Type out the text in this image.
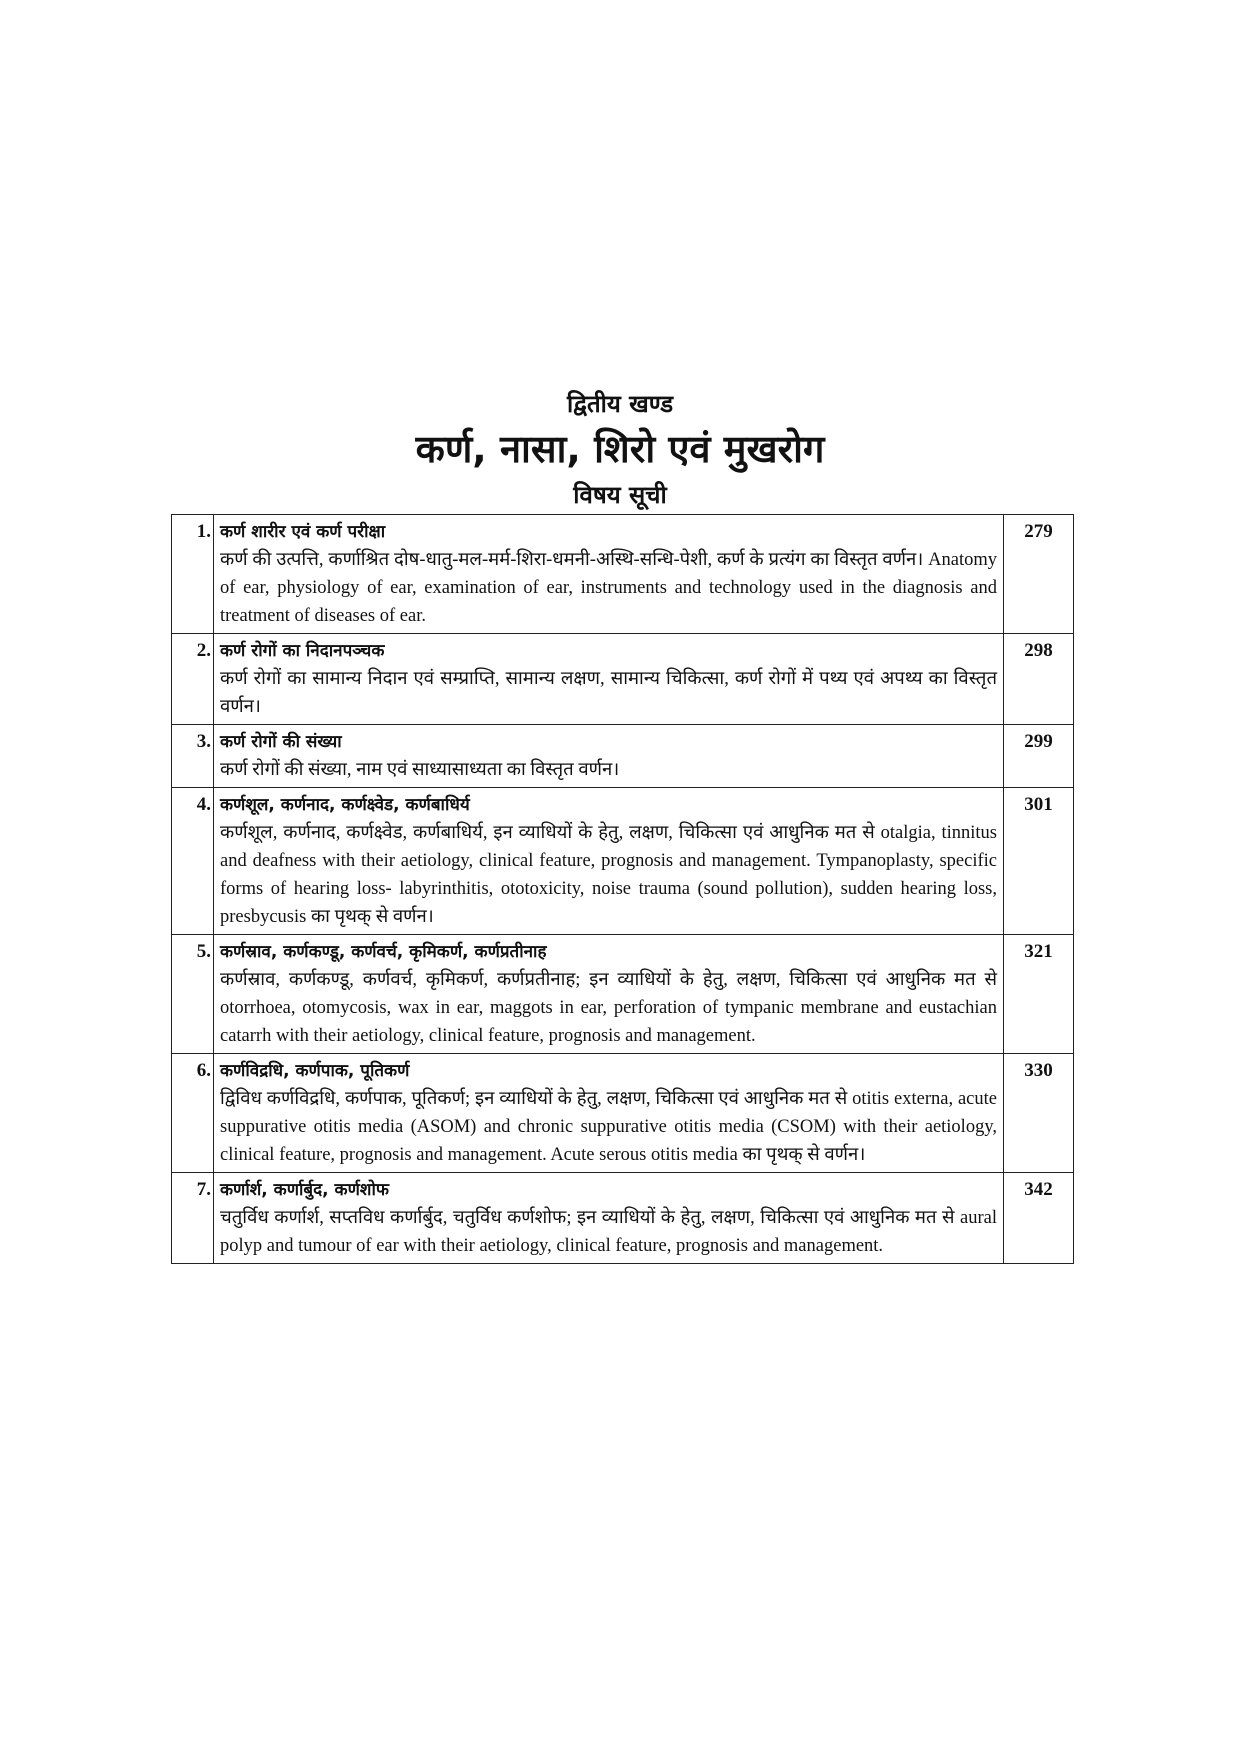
द्वितीय खण्ड

कर्ण, नासा, शिरो एवं मुखरोग
विषय सूची
1.	कर्ण शारीर एवं कर्ण परीक्षा
कर्ण की उत्पत्ति, कर्णाश्रित दोष-धातु-मल-मर्म-शिरा-धमनी-अस्थि-सन्धि-पेशी, कर्ण के प्रत्यंग का विस्तृत वर्णन। Anatomy of ear, physiology of ear, examination of ear, instruments and technology used in the diagnosis and treatment of diseases of ear.	279
2.	कर्ण रोगों का निदानपञ्चक
कर्ण रोगों का सामान्य निदान एवं सम्प्राप्ति, सामान्य लक्षण, सामान्य चिकित्सा, कर्ण रोगों में पथ्य एवं अपथ्य का विस्तृत वर्णन।	298
3.	कर्ण रोगों की संख्या
कर्ण रोगों की संख्या, नाम एवं साध्यासाध्यता का विस्तृत वर्णन।	299
4.	कर्णशूल, कर्णनाद, कर्णक्ष्वेड, कर्णबाधिर्य
कर्णशूल, कर्णनाद, कर्णक्ष्वेड, कर्णबाधिर्य, इन व्याधियों के हेतु, लक्षण, चिकित्सा एवं आधुनिक मत से otalgia, tinnitus and deafness with their aetiology, clinical feature, prognosis and management. Tympanoplasty, specific forms of hearing loss- labyrinthitis, ototoxicity, noise trauma (sound pollution), sudden hearing loss, presbycusis का पृथक् से वर्णन।	301
5.	कर्णस्राव, कर्णकण्डू, कर्णवर्च, कृमिकर्ण, कर्णप्रतीनाह
कर्णस्राव, कर्णकण्डू, कर्णवर्च, कृमिकर्ण, कर्णप्रतीनाह; इन व्याधियों के हेतु, लक्षण, चिकित्सा एवं आधुनिक मत से otorrhoea, otomycosis, wax in ear, maggots in ear, perforation of tympanic membrane and eustachian catarrh with their aetiology, clinical feature, prognosis and management.	321
6.	कर्णविद्रधि, कर्णपाक, पूतिकर्ण
द्विविध कर्णविद्रधि, कर्णपाक, पूतिकर्ण; इन व्याधियों के हेतु, लक्षण, चिकित्सा एवं आधुनिक मत से otitis externa, acute suppurative otitis media (ASOM) and chronic suppurative otitis media (CSOM) with their aetiology, clinical feature, prognosis and management. Acute serous otitis media का पृथक् से वर्णन।	330
7.	कर्णार्श, कर्णार्बुद, कर्णशोफ
चतुर्विध कर्णार्श, सप्तविध कर्णार्बुद, चतुर्विध कर्णशोफ; इन व्याधियों के हेतु, लक्षण, चिकित्सा एवं आधुनिक मत से aural polyp and tumour of ear with their aetiology, clinical feature, prognosis and management.	342
